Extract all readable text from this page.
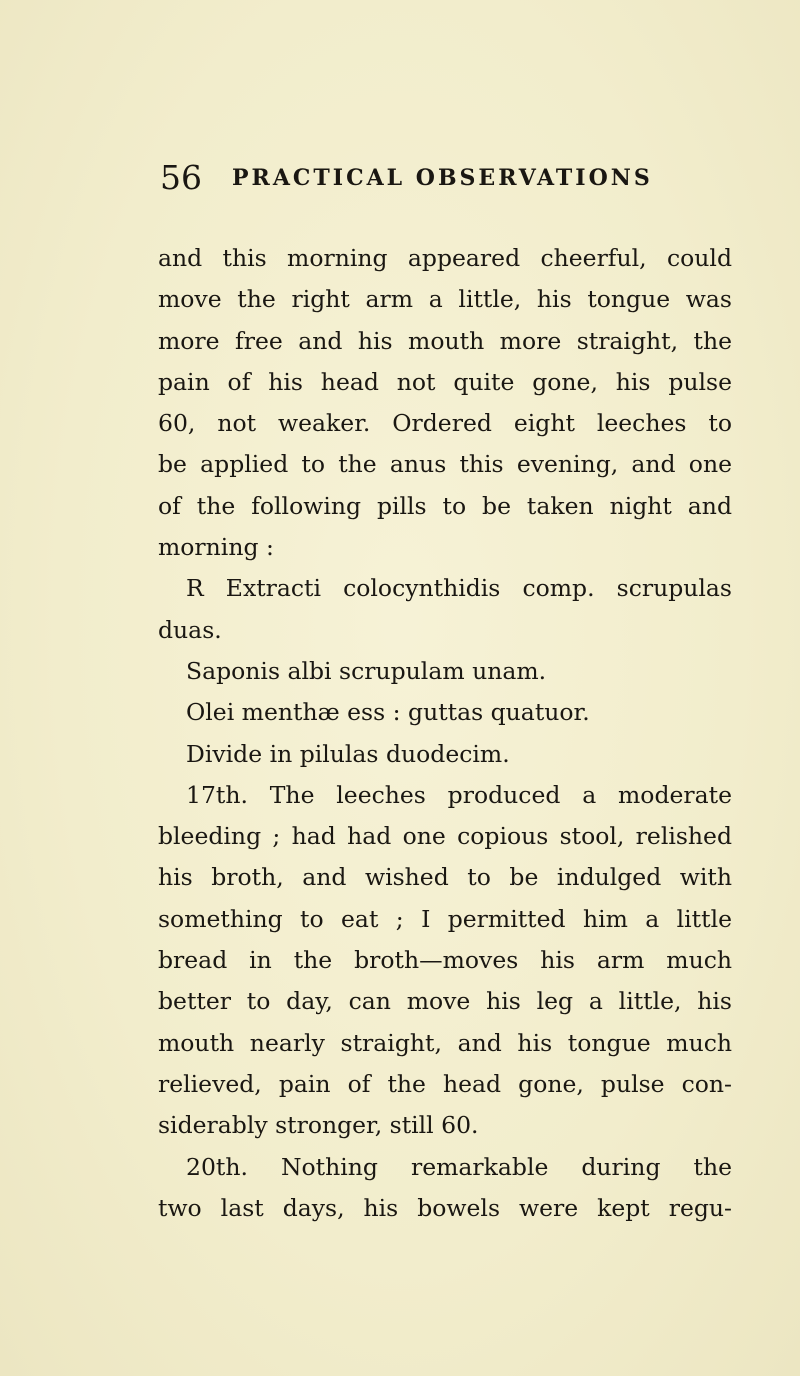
56 PRACTICAL OBSERVATIONS
and this morning appeared cheerful, could
move the right arm a little, his tongue was
more free and his mouth more straight, the
pain of his head not quite gone, his pulse
60, not weaker. Ordered eight leeches to
be applied to the anus this evening, and one
of the following pills to be taken night and
morning :
R Extracti colocynthidis comp. scrupulas
duas.
Saponis albi scrupulam unam.
Olei menthæ ess : guttas quatuor.
Divide in pilulas duodecim.
17th. The leeches produced a moderate
bleeding ; had had one copious stool, relished
his broth, and wished to be indulged with
something to eat ; I permitted him a little
bread in the broth—moves his arm much
better to day, can move his leg a little, his
mouth nearly straight, and his tongue much
relieved, pain of the head gone, pulse con-
siderably stronger, still 60.
20th. Nothing remarkable during the
two last days, his bowels were kept regu-
